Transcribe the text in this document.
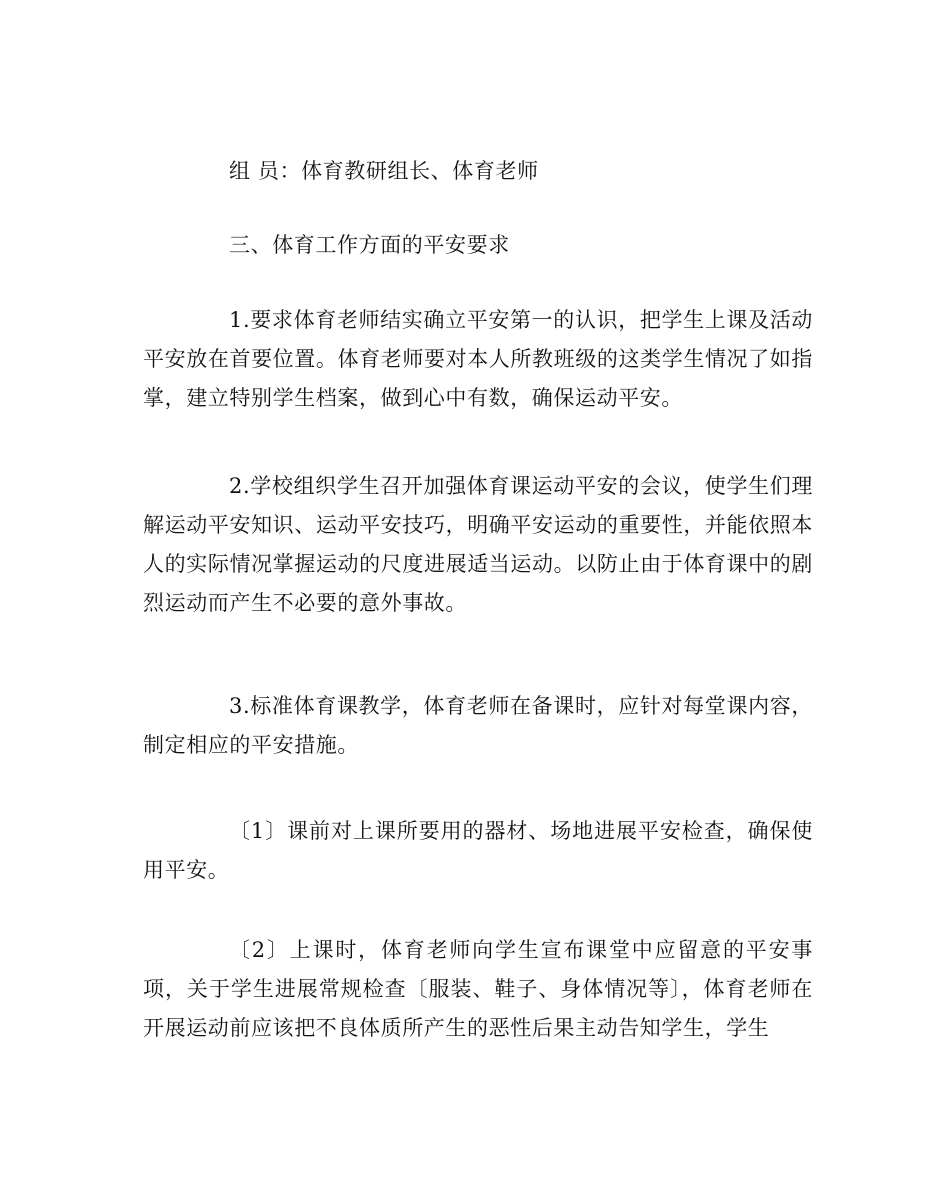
组 员：体育教研组长、体育老师

三、体育工作方面的平安要求

1.要求体育老师结实确立平安第一的认识，把学生上课及活动平安放在首要位置。体育老师要对本人所教班级的这类学生情况了如指掌，建立特别学生档案，做到心中有数，确保运动平安。

2.学校组织学生召开加强体育课运动平安的会议，使学生们理解运动平安知识、运动平安技巧，明确平安运动的重要性，并能依照本人的实际情况掌握运动的尺度进展适当运动。以防止由于体育课中的剧烈运动而产生不必要的意外事故。

3.标准体育课教学，体育老师在备课时，应针对每堂课内容，制定相应的平安措施。

〔1〕课前对上课所要用的器材、场地进展平安检查，确保使用平安。

〔2〕上课时，体育老师向学生宣布课堂中应留意的平安事项，关于学生进展常规检查〔服装、鞋子、身体情况等〕，体育老师在开展运动前应该把不良体质所产生的恶性后果主动告知学生，学生
